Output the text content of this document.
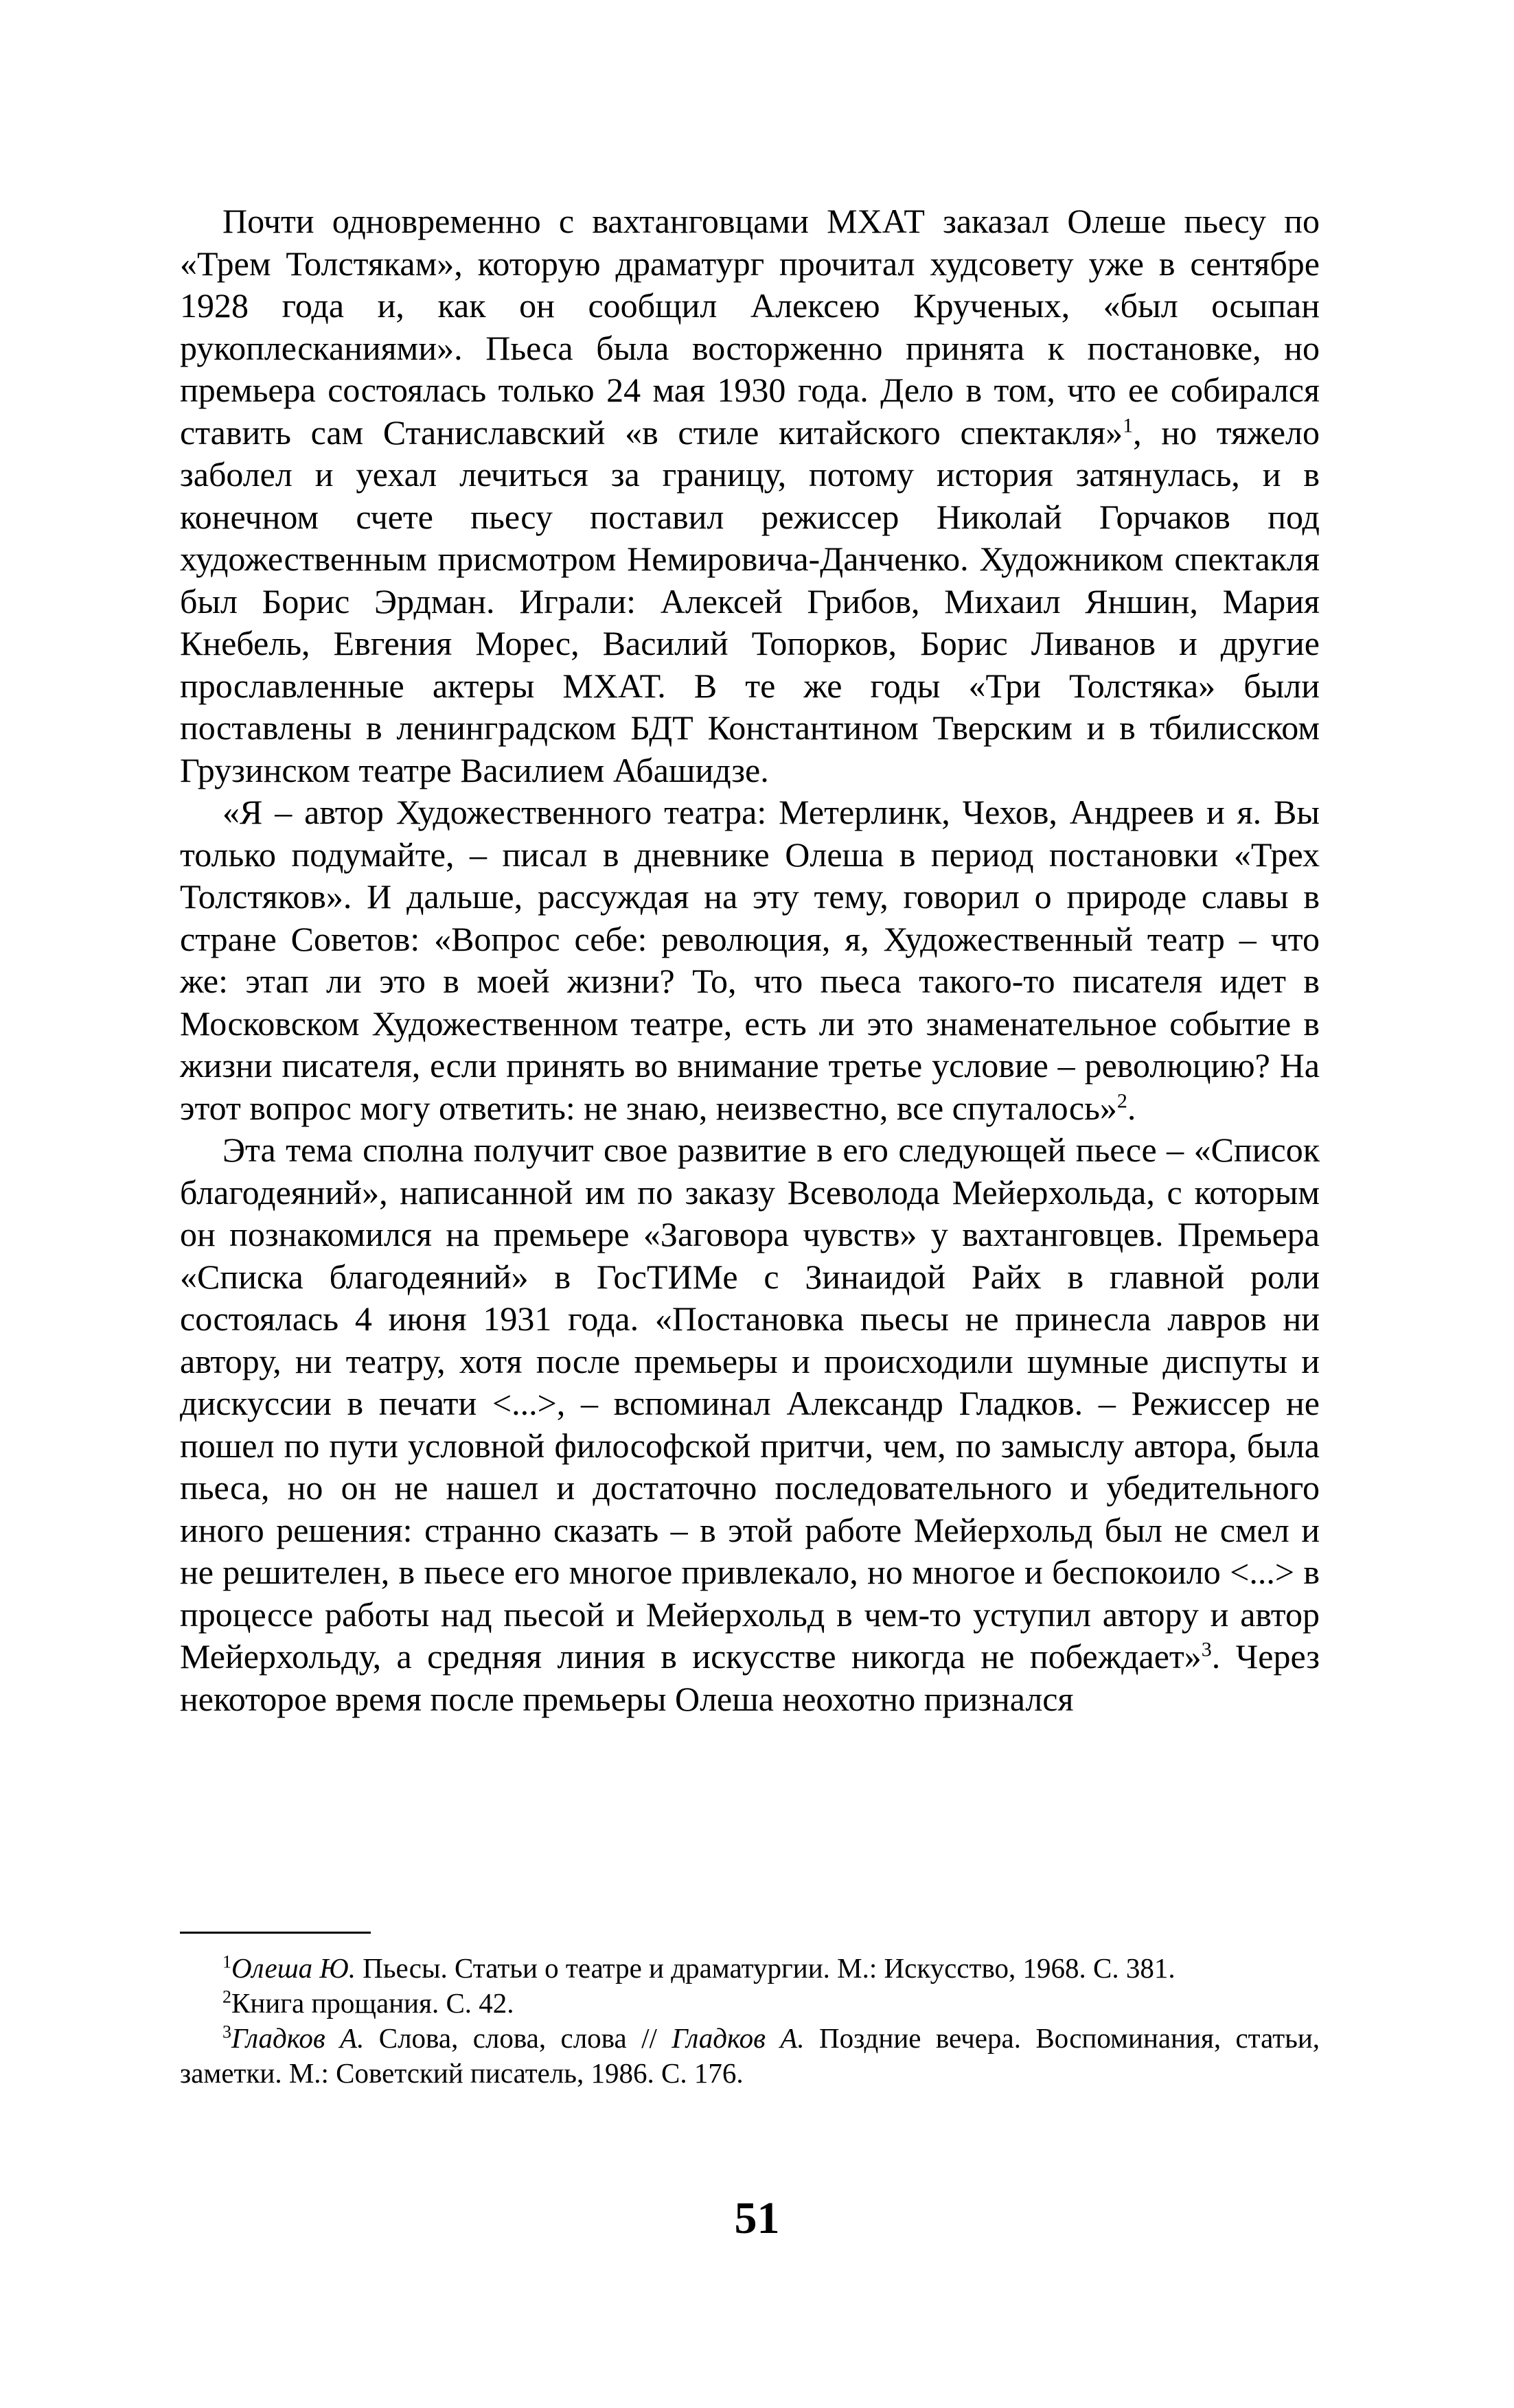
Почти одновременно с вахтанговцами МХАТ заказал Олеше пьесу по «Трем Толстякам», которую драматург прочитал худсовету уже в сентябре 1928 года и, как он сообщил Алексею Крученых, «был осыпан рукоплесканиями». Пьеса была восторженно принята к постановке, но премьера состоялась только 24 мая 1930 года. Дело в том, что ее собирался ставить сам Станиславский «в стиле китайского спектакля»$^1$, но тяжело заболел и уехал лечиться за границу, потому история затянулась, и в конечном счете пьесу поставил режиссер Николай Горчаков под художественным присмотром Немировича-Данченко. Художником спектакля был Борис Эрдман. Играли: Алексей Грибов, Михаил Яншин, Мария Кнебель, Евгения Морес, Василий Топорков, Борис Ливанов и другие прославленные актеры МХАТ. В те же годы «Три Толстяка» были поставлены в ленинградском БДТ Константином Тверским и в тбилисском Грузинском театре Василием Абашидзе.

«Я – автор Художественного театра: Метерлинк, Чехов, Андреев и я. Вы только подумайте, – писал в дневнике Олеша в период постановки «Трех Толстяков». И дальше, рассуждая на эту тему, говорил о природе славы в стране Советов: «Вопрос себе: революция, я, Художественный театр – что же: этап ли это в моей жизни? То, что пьеса такого-то писателя идет в Московском Художественном театре, есть ли это знаменательное событие в жизни писателя, если принять во внимание третье условие – революцию? На этот вопрос могу ответить: не знаю, неизвестно, все спуталось»$^2$.

Эта тема сполна получит свое развитие в его следующей пьесе – «Список благодеяний», написанной им по заказу Всеволода Мейерхольда, с которым он познакомился на премьере «Заговора чувств» у вахтанговцев. Премьера «Списка благодеяний» в ГосТИМе с Зинаидой Райх в главной роли состоялась 4 июня 1931 года. «Постановка пьесы не принесла лавров ни автору, ни театру, хотя после премьеры и происходили шумные диспуты и дискуссии в печати <...>, – вспоминал Александр Гладков. – Режиссер не пошел по пути условной философской притчи, чем, по замыслу автора, была пьеса, но он не нашел и достаточно последовательного и убедительного иного решения: странно сказать – в этой работе Мейерхольд был не смел и не решителен, в пьесе его многое привлекало, но многое и беспокоило <...> в процессе работы над пьесой и Мейерхольд в чем-то уступил автору и автор Мейерхольду, а средняя линия в искусстве никогда не побеждает»$^3$. Через некоторое время после премьеры Олеша неохотно признался

$^1$Олеша Ю. Пьесы. Статьи о театре и драматургии. М.: Искусство, 1968. С. 381.

$^2$Книга прощания. С. 42.

$^3$Гладков А. Слова, слова, слова // Гладков А. Поздние вечера. Воспоминания, статьи, заметки. М.: Советский писатель, 1986. С. 176.

51
